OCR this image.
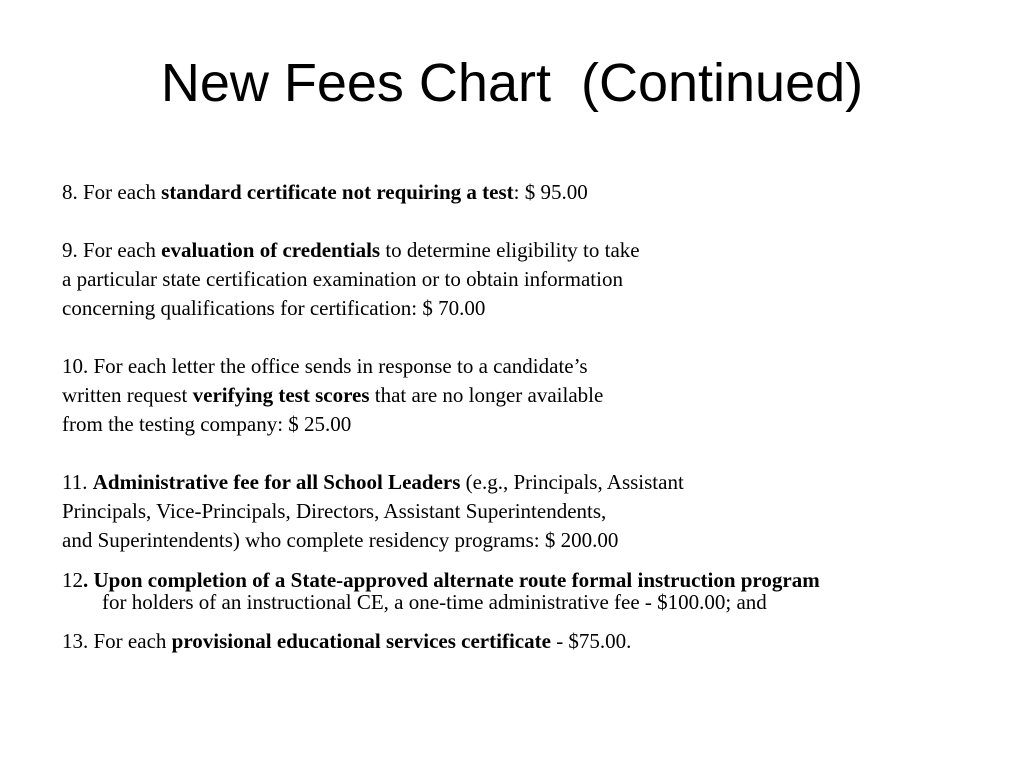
New Fees Chart  (Continued)

8. For each standard certificate not requiring a test: $ 95.00

9. For each evaluation of credentials to determine eligibility to take
a particular state certification examination or to obtain information
concerning qualifications for certification: $ 70.00
10. For each letter the office sends in response to a candidate’s
written request verifying test scores that are no longer available
from the testing company: $ 25.00
11. Administrative fee for all School Leaders (e.g., Principals, Assistant
Principals, Vice-Principals, Directors, Assistant Superintendents,
and Superintendents) who complete residency programs: $ 200.00
12. Upon completion of a State-approved alternate route formal instruction program
for holders of an instructional CE, a one-time administrative fee - $100.00; and

13. For each provisional educational services certificate - $75.00.
